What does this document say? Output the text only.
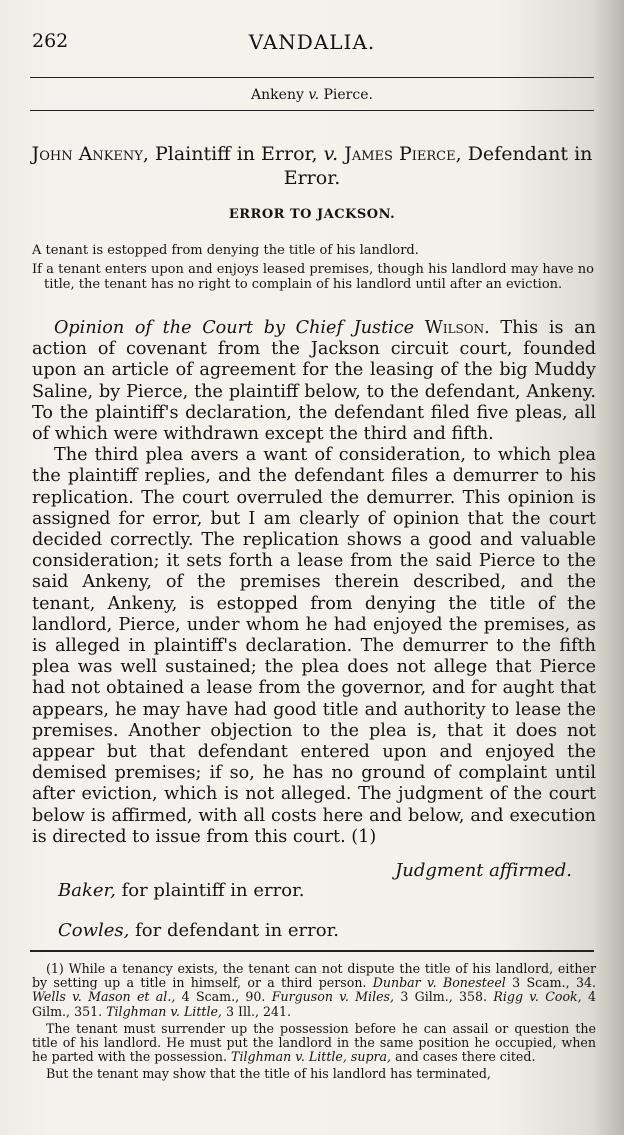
262	VANDALIA.
Ankeny v. Pierce.
John Ankeny, Plaintiff in Error, v. James Pierce, Defendant in Error.
ERROR TO JACKSON.
A tenant is estopped from denying the title of his landlord.
If a tenant enters upon and enjoys leased premises, though his landlord may have no title, the tenant has no right to complain of his landlord until after an eviction.

Opinion of the Court by Chief Justice Wilson. This is an action of covenant from the Jackson circuit court, founded upon an article of agreement for the leasing of the big Muddy Saline, by Pierce, the plaintiff below, to the defendant, Ankeny. To the plaintiff's declaration, the defendant filed five pleas, all of which were withdrawn except the third and fifth.

The third plea avers a want of consideration, to which plea the plaintiff replies, and the defendant files a demurrer to his replication. The court overruled the demurrer. This opinion is assigned for error, but I am clearly of opinion that the court decided correctly. The replication shows a good and valuable consideration; it sets forth a lease from the said Pierce to the said Ankeny, of the premises therein described, and the tenant, Ankeny, is estopped from denying the title of the landlord, Pierce, under whom he had enjoyed the premises, as is alleged in plaintiff's declaration. The demurrer to the fifth plea was well sustained; the plea does not allege that Pierce had not obtained a lease from the governor, and for aught that appears, he may have had good title and authority to lease the premises. Another objection to the plea is, that it does not appear but that defendant entered upon and enjoyed the demised premises; if so, he has no ground of complaint until after eviction, which is not alleged. The judgment of the court below is affirmed, with all costs here and below, and execution is directed to issue from this court. (1)

Judgment affirmed.
Baker, for plaintiff in error.
Cowles, for defendant in error.

(1) While a tenancy exists, the tenant can not dispute the title of his landlord, either by setting up a title in himself, or a third person. Dunbar v. Bonesteel 3 Scam., 34. Wells v. Mason et al., 4 Scam., 90. Furguson v. Miles, 3 Gilm., 358. Rigg v. Cook, 4 Gilm., 351. Tilghman v. Little, 3 Ill., 241.

The tenant must surrender up the possession before he can assail or question the title of his landlord. He must put the landlord in the same position he occupied, when he parted with the possession. Tilghman v. Little, supra, and cases there cited.

But the tenant may show that the title of his landlord has terminated,
